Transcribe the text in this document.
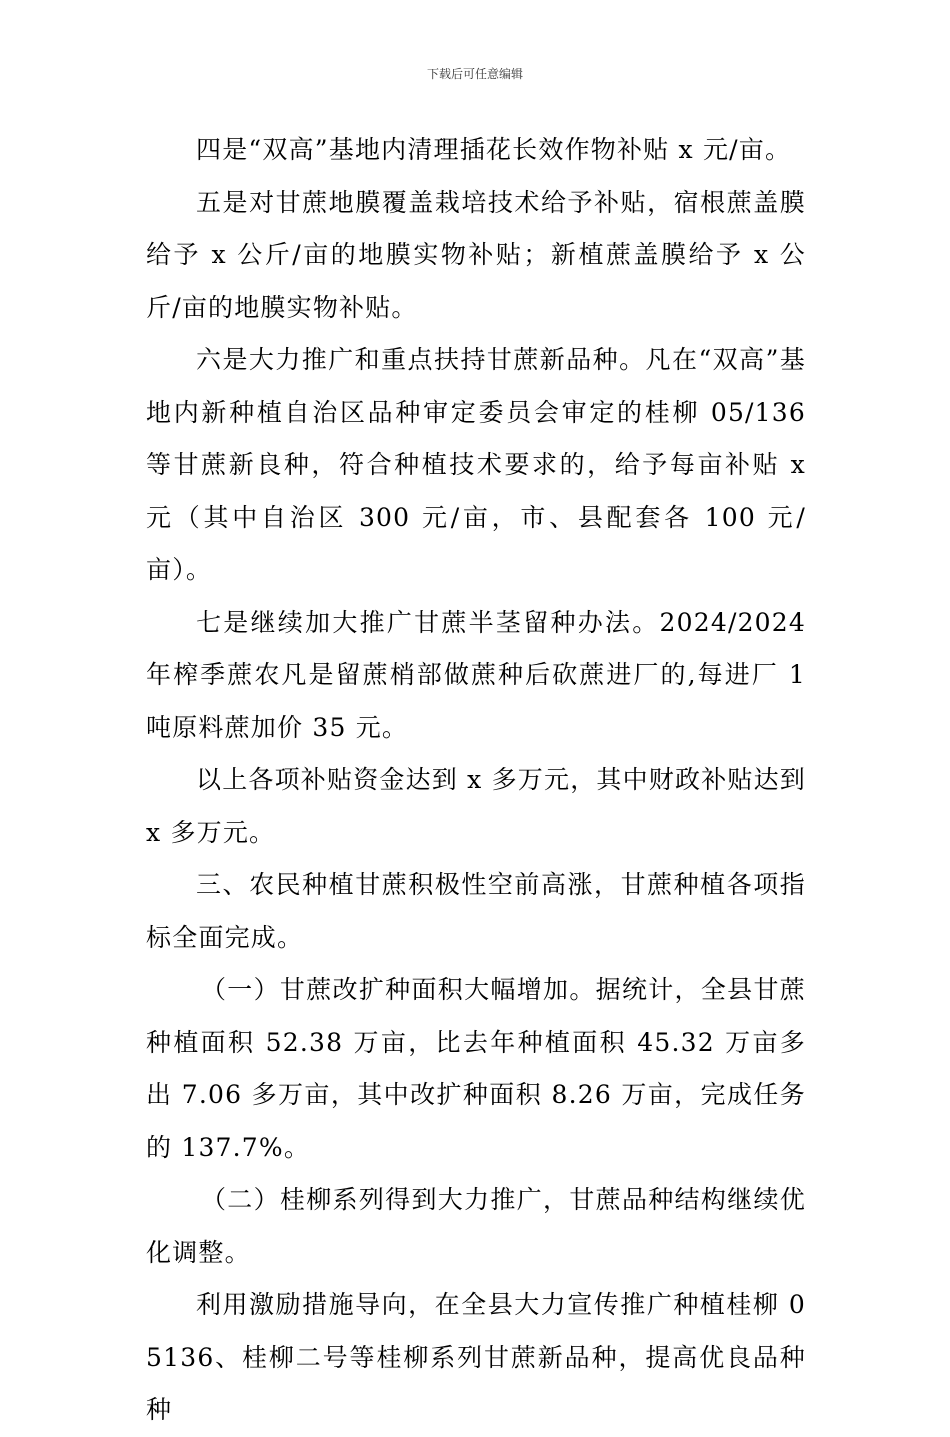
下载后可任意编辑

四是“双高”基地内清理插花长效作物补贴 x 元/亩。

五是对甘蔗地膜覆盖栽培技术给予补贴，宿根蔗盖膜给予 x 公斤/亩的地膜实物补贴；新植蔗盖膜给予 x 公斤/亩的地膜实物补贴。

六是大力推广和重点扶持甘蔗新品种。凡在“双高”基地内新种植自治区品种审定委员会审定的桂柳 05/136 等甘蔗新良种，符合种植技术要求的，给予每亩补贴 x 元（其中自治区 300 元/亩，市、县配套各 100 元/亩）。

七是继续加大推广甘蔗半茎留种办法。2024/2024 年榨季蔗农凡是留蔗梢部做蔗种后砍蔗进厂的,每进厂 1 吨原料蔗加价 35 元。

以上各项补贴资金达到 x 多万元，其中财政补贴达到 x 多万元。

三、农民种植甘蔗积极性空前高涨，甘蔗种植各项指标全面完成。

（一）甘蔗改扩种面积大幅增加。据统计，全县甘蔗种植面积 52.38 万亩，比去年种植面积 45.32 万亩多出 7.06 多万亩，其中改扩种面积 8.26 万亩，完成任务的 137.7%。

（二）桂柳系列得到大力推广，甘蔗品种结构继续优化调整。

利用激励措施导向，在全县大力宣传推广种植桂柳 05136、桂柳二号等桂柳系列甘蔗新品种，提高优良品种种
